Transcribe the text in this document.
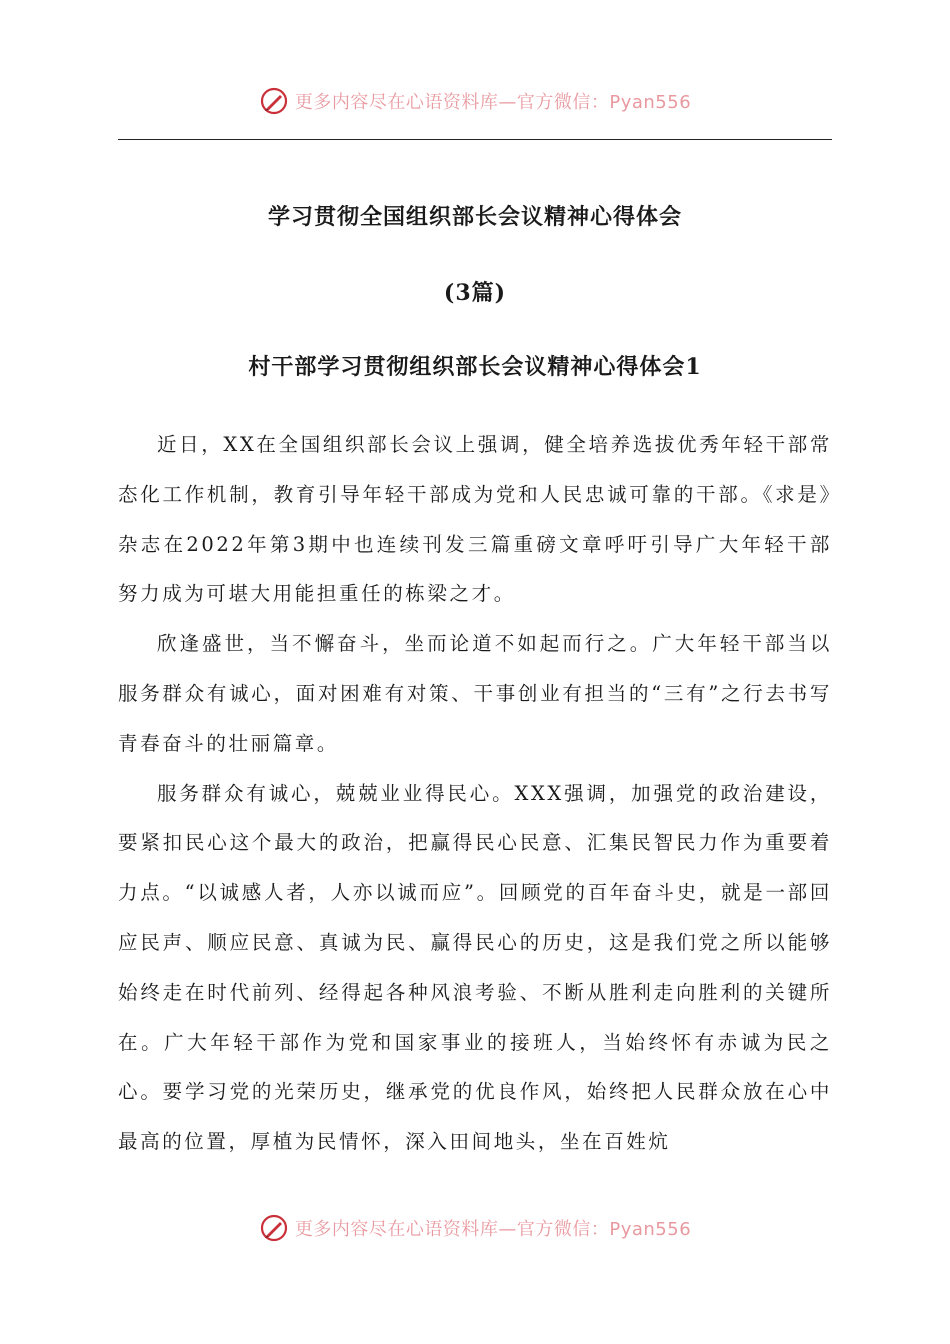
更多内容尽在心语资料库—官方微信：Pyan556
学习贯彻全国组织部长会议精神心得体会
(3篇)
村干部学习贯彻组织部长会议精神心得体会1

近日，XX在全国组织部长会议上强调，健全培养选拔优秀年轻干部常态化工作机制，教育引导年轻干部成为党和人民忠诚可靠的干部。《求是》杂志在2022年第3期中也连续刊发三篇重磅文章呼吁引导广大年轻干部努力成为可堪大用能担重任的栋梁之才。

欣逢盛世，当不懈奋斗，坐而论道不如起而行之。广大年轻干部当以服务群众有诚心，面对困难有对策、干事创业有担当的“三有”之行去书写青春奋斗的壮丽篇章。

服务群众有诚心，兢兢业业得民心。XXX强调，加强党的政治建设，要紧扣民心这个最大的政治，把赢得民心民意、汇集民智民力作为重要着力点。“以诚感人者，人亦以诚而应”。回顾党的百年奋斗史，就是一部回应民声、顺应民意、真诚为民、赢得民心的历史，这是我们党之所以能够始终走在时代前列、经得起各种风浪考验、不断从胜利走向胜利的关键所在。广大年轻干部作为党和国家事业的接班人，当始终怀有赤诚为民之心。要学习党的光荣历史，继承党的优良作风，始终把人民群众放在心中最高的位置，厚植为民情怀，深入田间地头，坐在百姓炕

更多内容尽在心语资料库—官方微信：Pyan556
